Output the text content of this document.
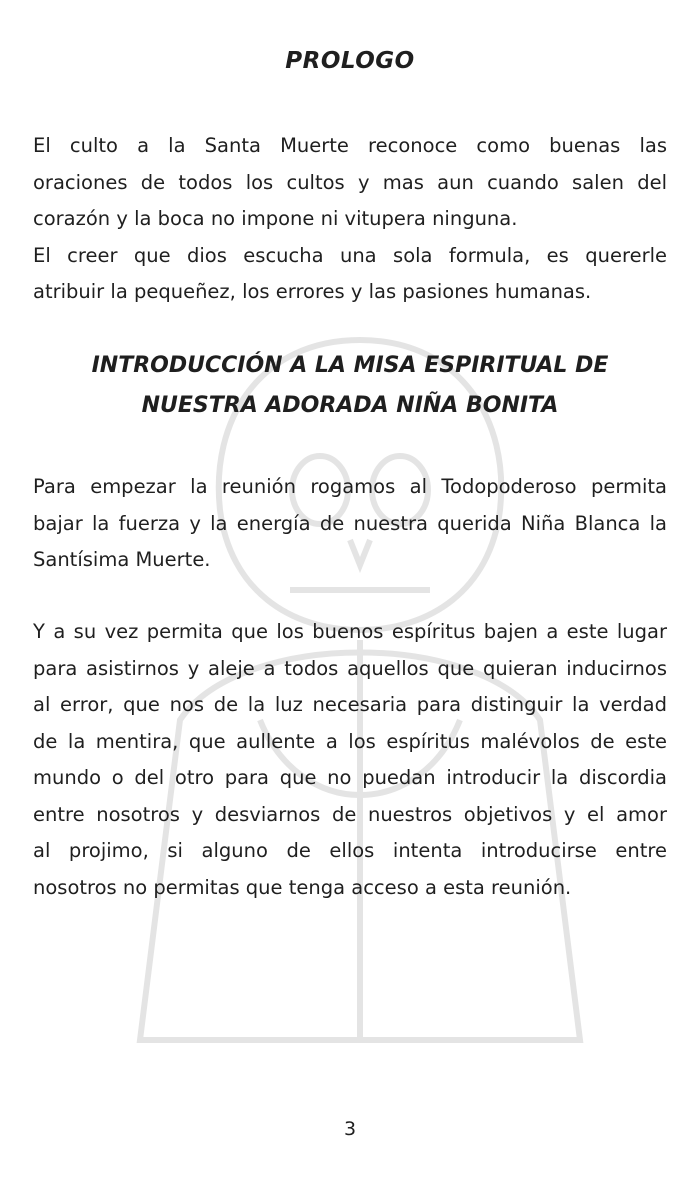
PROLOGO

El culto a la Santa Muerte reconoce como buenas las
oraciones de todos los cultos y mas aun cuando salen del
corazón y la boca no impone ni vitupera ninguna.
El creer que dios escucha una sola formula, es quererle
atribuir la pequeñez, los errores y las pasiones humanas.

INTRODUCCIÓN A LA MISA ESPIRITUAL DE
NUESTRA ADORADA NIÑA BONITA

Para empezar la reunión rogamos al Todopoderoso permita
bajar la fuerza y la energía de nuestra querida Niña Blanca la
Santísima Muerte.

Y a su vez permita que los buenos espíritus bajen a este lugar
para asistirnos y aleje a todos aquellos que quieran inducirnos
al error, que nos de la luz necesaria para distinguir la verdad
de la mentira, que aullente a los espíritus malévolos de este
mundo o del otro para que no puedan introducir la discordia
entre nosotros y desviarnos de nuestros objetivos y el amor
al projimo, si alguno de ellos intenta introducirse entre
nosotros no permitas que tenga acceso a esta reunión.

3
